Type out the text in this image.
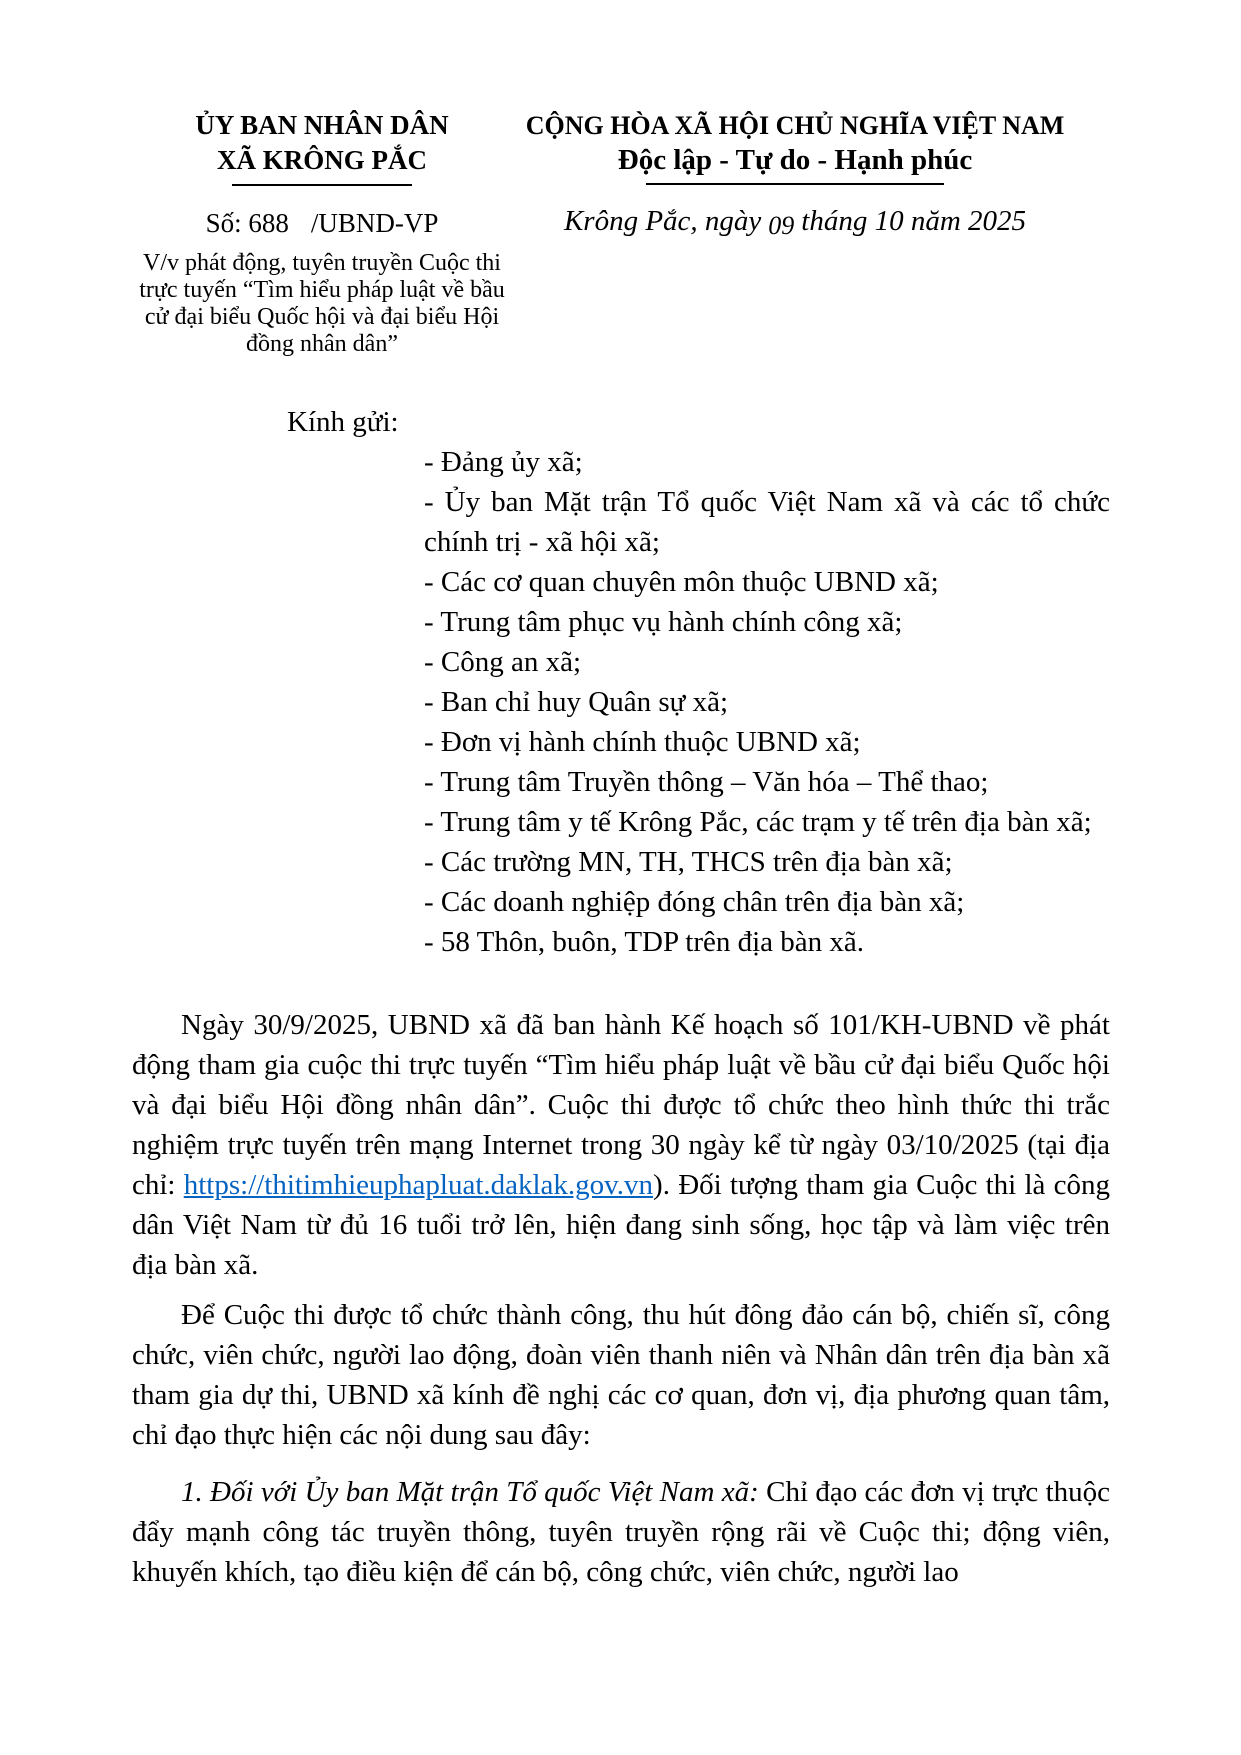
ỦY BAN NHÂN DÂN
XÃ KRÔNG PẮC
Số: 688 /UBND-VP
V/v phát động, tuyên truyền Cuộc thi trực tuyến “Tìm hiểu pháp luật về bầu cử đại biểu Quốc hội và đại biểu Hội đồng nhân dân”
CỘNG HÒA XÃ HỘI CHỦ NGHĨA VIỆT NAM
Độc lập - Tự do - Hạnh phúc
Krông Pắc, ngày 09 tháng 10 năm 2025
Kính gửi:
- Đảng ủy xã;
- Ủy ban Mặt trận Tổ quốc Việt Nam xã và các tổ chức chính trị - xã hội xã;
- Các cơ quan chuyên môn thuộc UBND xã;
- Trung tâm phục vụ hành chính công xã;
- Công an xã;
- Ban chỉ huy Quân sự xã;
- Đơn vị hành chính thuộc UBND xã;
- Trung tâm Truyền thông – Văn hóa – Thể thao;
- Trung tâm y tế Krông Pắc, các trạm y tế trên địa bàn xã;
- Các trường MN, TH, THCS trên địa bàn xã;
- Các doanh nghiệp đóng chân trên địa bàn xã;
- 58 Thôn, buôn, TDP trên địa bàn xã.

Ngày 30/9/2025, UBND xã đã ban hành Kế hoạch số 101/KH-UBND về phát động tham gia cuộc thi trực tuyến “Tìm hiểu pháp luật về bầu cử đại biểu Quốc hội và đại biểu Hội đồng nhân dân”. Cuộc thi được tổ chức theo hình thức thi trắc nghiệm trực tuyến trên mạng Internet trong 30 ngày kể từ ngày 03/10/2025 (tại địa chỉ: https://thitimhieuphapluat.daklak.gov.vn). Đối tượng tham gia Cuộc thi là công dân Việt Nam từ đủ 16 tuổi trở lên, hiện đang sinh sống, học tập và làm việc trên địa bàn xã.

Để Cuộc thi được tổ chức thành công, thu hút đông đảo cán bộ, chiến sĩ, công chức, viên chức, người lao động, đoàn viên thanh niên và Nhân dân trên địa bàn xã tham gia dự thi, UBND xã kính đề nghị các cơ quan, đơn vị, địa phương quan tâm, chỉ đạo thực hiện các nội dung sau đây:

1. Đối với Ủy ban Mặt trận Tổ quốc Việt Nam xã: Chỉ đạo các đơn vị trực thuộc đẩy mạnh công tác truyền thông, tuyên truyền rộng rãi về Cuộc thi; động viên, khuyến khích, tạo điều kiện để cán bộ, công chức, viên chức, người lao
